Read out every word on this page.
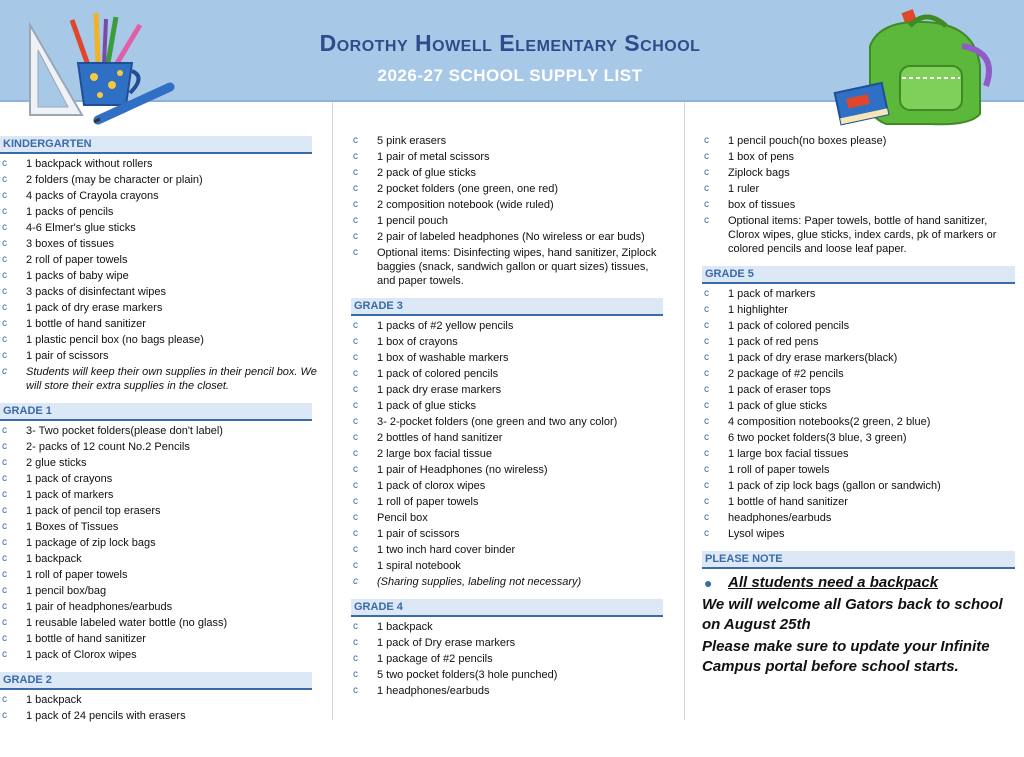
Dorothy Howell Elementary School
2026-27 SCHOOL SUPPLY LIST
KINDERGARTEN
c 1 backpack without rollers
c 2 folders (may be character or plain)
c 4 packs of Crayola crayons
c 1 packs of pencils
c 4-6 Elmer's glue sticks
c 3 boxes of tissues
c 2 roll of paper towels
c 1 packs of baby wipe
c 3 packs of disinfectant wipes
c 1 pack of dry erase markers
c 1 bottle of hand sanitizer
c 1 plastic pencil box (no bags please)
c 1 pair of scissors
c Students will keep their own supplies in their pencil box. We will store their extra supplies in the closet.
GRADE 1
c 3- Two pocket folders(please don't label)
c 2- packs of 12 count No.2 Pencils
c 2 glue sticks
c 1 pack of crayons
c 1 pack of markers
c 1 pack of pencil top erasers
c 1 Boxes of Tissues
c 1 package of zip lock bags
c 1 backpack
c 1 roll of paper towels
c 1 pencil box/bag
c 1 pair of headphones/earbuds
c 1 reusable labeled water bottle (no glass)
c 1 bottle of hand sanitizer
c 1 pack of Clorox wipes
GRADE 2
c 1 backpack
c 1 pack of 24 pencils with erasers
c 5 pink erasers
c 1 pair of metal scissors
c 2 pack of glue sticks
c 2 pocket folders (one green, one red)
c 2 composition notebook (wide ruled)
c 1 pencil pouch
c 2 pair of labeled headphones (No wireless or ear buds)
c Optional items: Disinfecting wipes, hand sanitizer, Ziplock baggies (snack, sandwich gallon or quart sizes) tissues, and paper towels.
GRADE 3
c 1 packs of #2 yellow pencils
c 1 box of crayons
c 1 box of washable markers
c 1 pack of colored pencils
c 1 pack dry erase markers
c 1 pack of glue sticks
c 3- 2-pocket folders (one green and two any color)
c 2 bottles of hand sanitizer
c 2 large box facial tissue
c 1 pair of Headphones (no wireless)
c 1 pack of clorox wipes
c 1 roll of paper towels
c Pencil box
c 1 pair of scissors
c 1 two inch hard cover binder
c 1 spiral notebook
c (Sharing supplies, labeling not necessary)
GRADE 4
c 1 backpack
c 1 pack of Dry erase markers
c 1 package of #2 pencils
c 5 two pocket folders(3 hole punched)
c 1 headphones/earbuds
c 1 pencil pouch(no boxes please)
c 1 box of pens
c Ziplock bags
c 1 ruler
c box of tissues
c Optional items: Paper towels, bottle of hand sanitizer, Clorox wipes, glue sticks, index cards, pk of markers or colored pencils and loose leaf paper.
GRADE 5
c 1 pack of markers
c 1 highlighter
c 1 pack of colored pencils
c 1 pack of red pens
c 1 pack of dry erase markers(black)
c 2 package of #2 pencils
c 1 pack of eraser tops
c 1 pack of glue sticks
c 4 composition notebooks(2 green, 2 blue)
c 6 two pocket folders(3 blue, 3 green)
c 1 large box facial tissues
c 1 roll of paper towels
c 1 pack of zip lock bags (gallon or sandwich)
c 1 bottle of hand sanitizer
c headphones/earbuds
c Lysol wipes
PLEASE NOTE
● All students need a backpack
We will welcome all Gators back to school on August 25th
Please make sure to update your Infinite Campus portal before school starts.
